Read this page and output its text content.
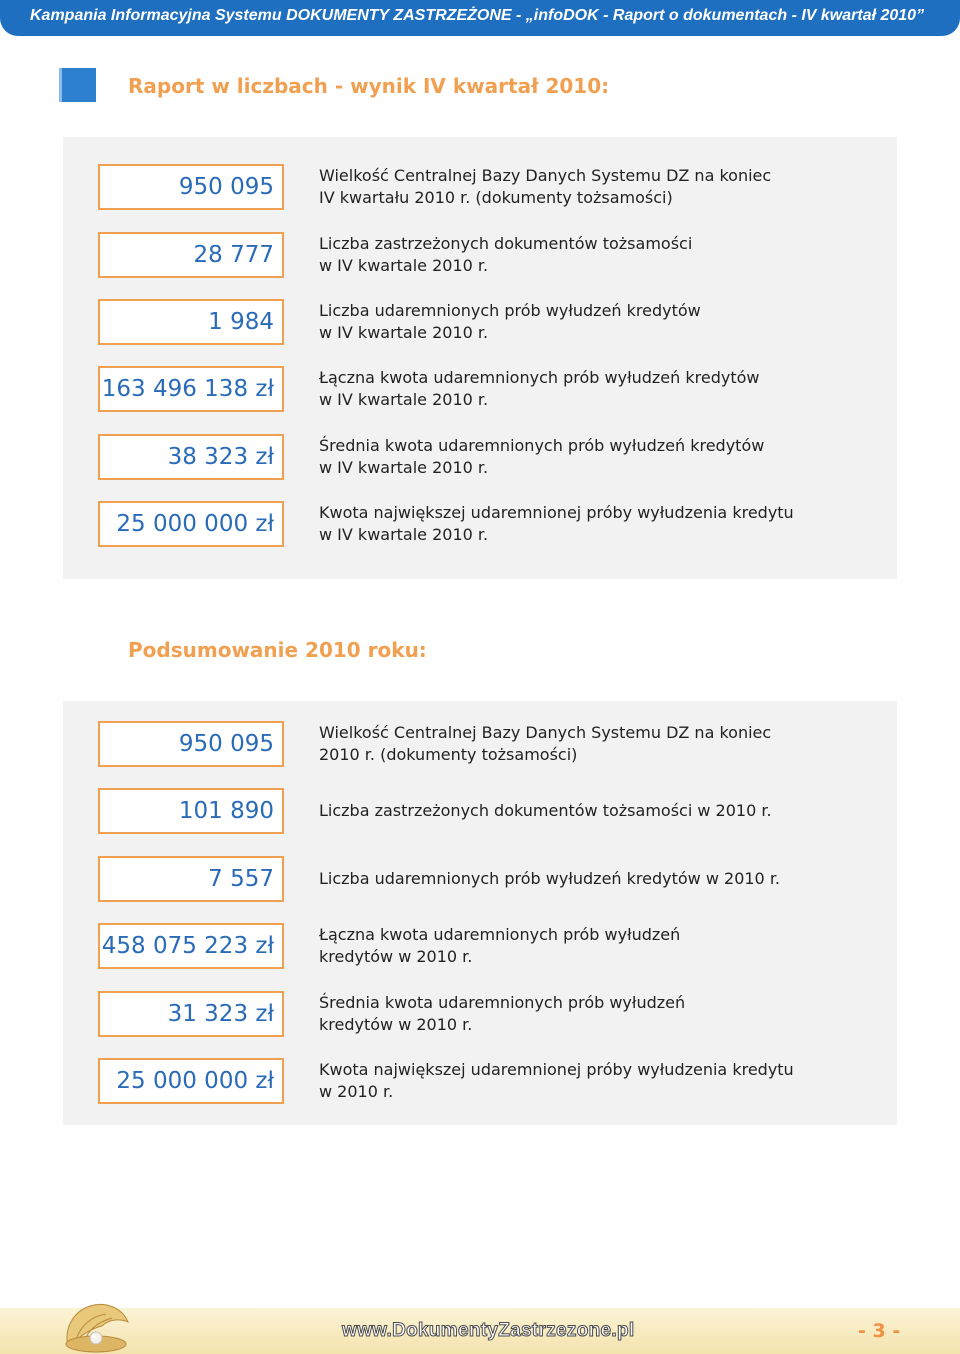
Kampania Informacyjna Systemu DOKUMENTY ZASTRZEŻONE - „infoDOK - Raport o dokumentach - IV kwartał 2010”
Raport w liczbach - wynik IV kwartał 2010:
950 095	Wielkość Centralnej Bazy Danych Systemu DZ na koniec
IV kwartału 2010 r. (dokumenty tożsamości)
28 777	Liczba zastrzeżonych dokumentów tożsamości
w IV kwartale 2010 r.
1 984	Liczba udaremnionych prób wyłudzeń kredytów
w IV kwartale 2010 r.
163 496 138 zł	Łączna kwota udaremnionych prób wyłudzeń kredytów
w IV kwartale 2010 r.
38 323 zł	Średnia kwota udaremnionych prób wyłudzeń kredytów
w IV kwartale 2010 r.
25 000 000 zł	Kwota największej udaremnionej próby wyłudzenia kredytu
w IV kwartale 2010 r.
Podsumowanie 2010 roku:
950 095	Wielkość Centralnej Bazy Danych Systemu DZ na koniec
2010 r. (dokumenty tożsamości)
101 890	Liczba zastrzeżonych dokumentów tożsamości w 2010 r.
7 557	Liczba udaremnionych prób wyłudzeń kredytów w 2010 r.
458 075 223 zł	Łączna kwota udaremnionych prób wyłudzeń
kredytów w 2010 r.
31 323 zł	Średnia kwota udaremnionych prób wyłudzeń
kredytów w 2010 r.
25 000 000 zł	Kwota największej udaremnionej próby wyłudzenia kredytu
w 2010 r.
www.DokumentyZastrzezone.pl	- 3 -
